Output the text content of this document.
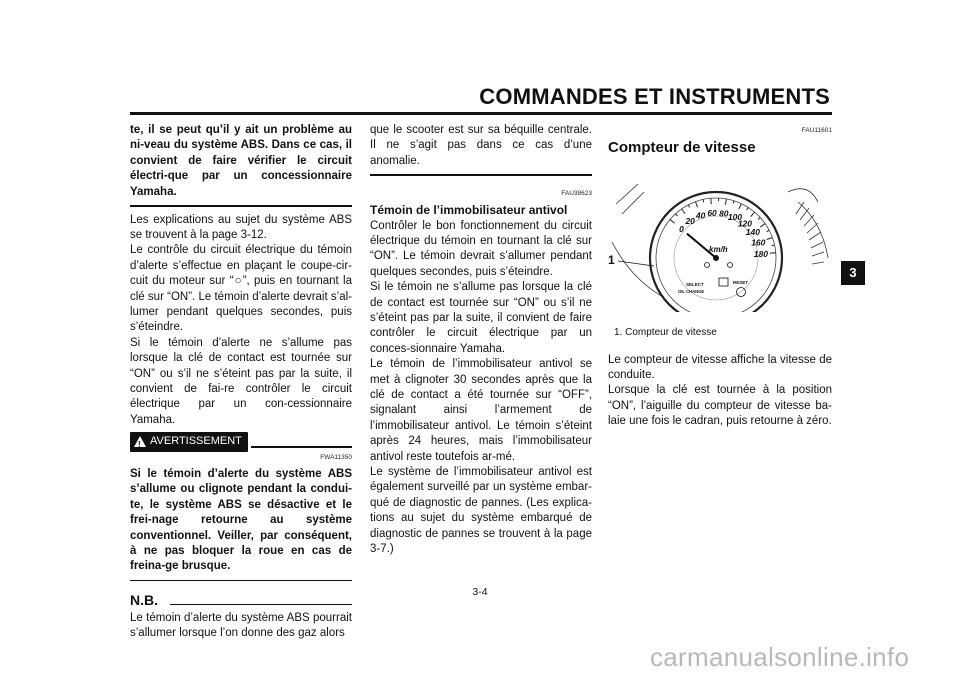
COMMANDES ET INSTRUMENTS
3

te, il se peut qu’il y ait un problème au ni-veau du système ABS. Dans ce cas, il convient de faire vérifier le circuit électri-que par un concessionnaire Yamaha.

Les explications au sujet du système ABS se trouvent à la page 3-12.

Le contrôle du circuit électrique du témoin d’alerte s’effectue en plaçant le coupe-cir-cuit du moteur sur “○”, puis en tournant la clé sur “ON”. Le témoin d’alerte devrait s’al-lumer pendant quelques secondes, puis s’éteindre.

Si le témoin d’alerte ne s’allume pas lorsque la clé de contact est tournée sur “ON” ou s’il ne s’éteint pas par la suite, il convient de fai-re contrôler le circuit électrique par un con-cessionnaire Yamaha.

! AVERTISSEMENT
FWA11350

Si le témoin d’alerte du système ABS s’allume ou clignote pendant la condui-te, le système ABS se désactive et le frei-nage retourne au système conventionnel. Veiller, par conséquent, à ne pas bloquer la roue en cas de freina-ge brusque.

N.B.

Le témoin d’alerte du système ABS pourrait s’allumer lorsque l’on donne des gaz alors

que le scooter est sur sa béquille centrale. Il ne s’agit pas dans ce cas d’une anomalie.

FAU38623

Témoin de l’immobilisateur antivol

Contrôler le bon fonctionnement du circuit électrique du témoin en tournant la clé sur “ON”. Le témoin devrait s’allumer pendant quelques secondes, puis s’éteindre.

Si le témoin ne s’allume pas lorsque la clé de contact est tournée sur “ON” ou s’il ne s’éteint pas par la suite, il convient de faire contrôler le circuit électrique par un conces-sionnaire Yamaha.

Le témoin de l’immobilisateur antivol se met à clignoter 30 secondes après que la clé de contact a été tournée sur “OFF”, signalant ainsi l’armement de l’immobilisateur antivol. Le témoin s’éteint après 24 heures, mais l’immobilisateur antivol reste toutefois ar-mé.

Le système de l’immobilisateur antivol est également surveillé par un système embar-qué de diagnostic de pannes. (Les explica-tions au sujet du système embarqué de diagnostic de pannes se trouvent à la page 3-7.)

FAU11601

Compteur de vitesse

0
20
40 60 80 100
120
140
160
180
km/h
SELECT	RESET
OIL CHANGE
1

1. Compteur de vitesse

Le compteur de vitesse affiche la vitesse de conduite.

Lorsque la clé est tournée à la position “ON”, l’aiguille du compteur de vitesse ba-laie une fois le cadran, puis retourne à zéro.

3-4
carmanualsonline.info
